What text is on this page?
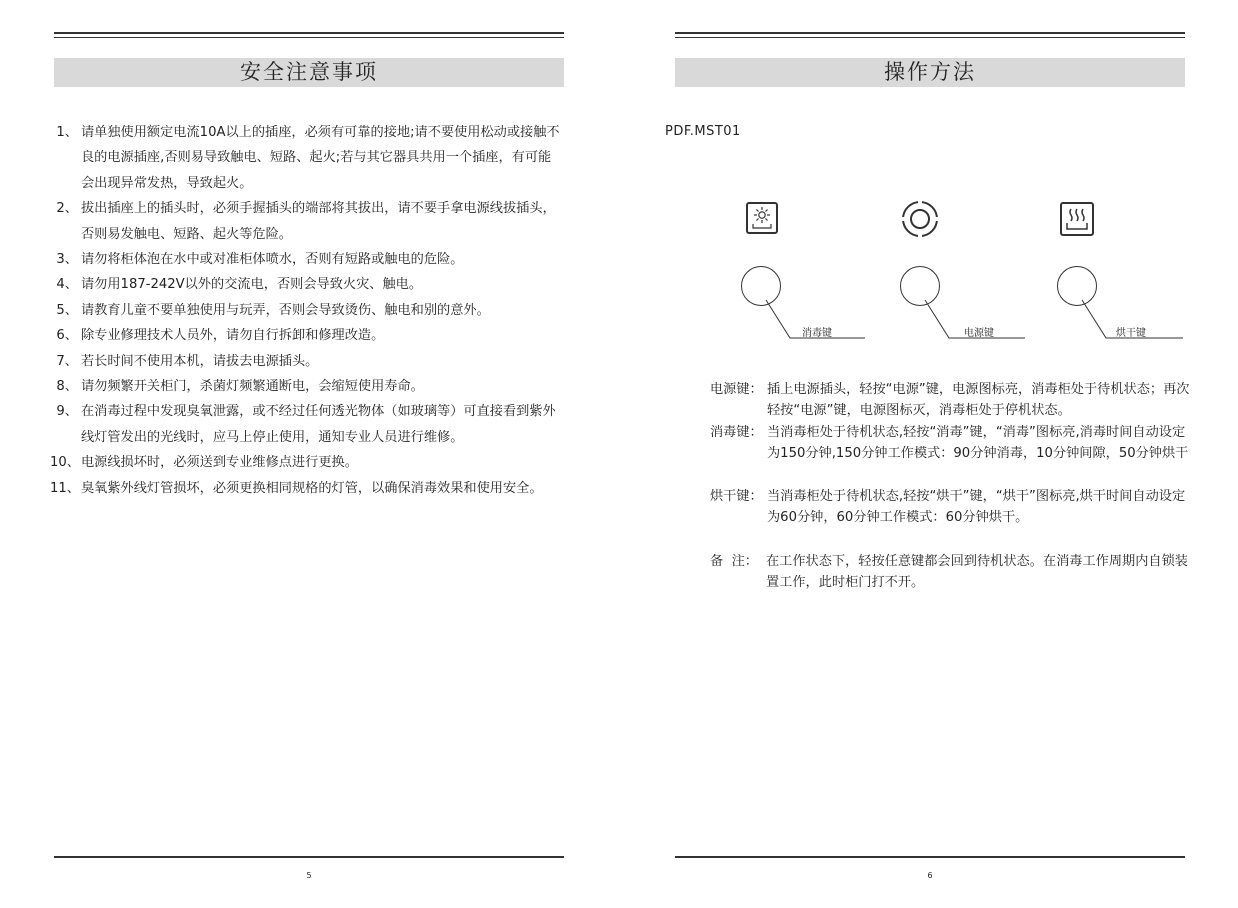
安全注意事项
1、 请单独使用额定电流10A以上的插座，必须有可靠的接地;请不要使用松动或接触不良的电源插座,否则易导致触电、短路、起火;若与其它器具共用一个插座，有可能会出现异常发热，导致起火。
2、 拔出插座上的插头时，必须手握插头的端部将其拔出，请不要手拿电源线拔插头，否则易发触电、短路、起火等危险。
3、 请勿将柜体泡在水中或对准柜体喷水，否则有短路或触电的危险。
4、 请勿用187-242V以外的交流电，否则会导致火灾、触电。
5、 请教育儿童不要单独使用与玩弄，否则会导致烫伤、触电和别的意外。
6、 除专业修理技术人员外，请勿自行拆卸和修理改造。
7、 若长时间不使用本机，请拔去电源插头。
8、 请勿频繁开关柜门，杀菌灯频繁通断电，会缩短使用寿命。
9、 在消毒过程中发现臭氧泄露，或不经过任何透光物体（如玻璃等）可直接看到紫外线灯管发出的光线时，应马上停止使用，通知专业人员进行维修。
10、 电源线损坏时，必须送到专业维修点进行更换。
11、 臭氧紫外线灯管损坏，必须更换相同规格的灯管，以确保消毒效果和使用安全。
5
操作方法
PDF.MST01
消毒键	电源键	烘干键
电源键： 插上电源插头，轻按“电源”键，电源图标亮，消毒柜处于待机状态；再次轻按“电源”键，电源图标灭，消毒柜处于停机状态。
消毒键： 当消毒柜处于待机状态,轻按“消毒”键，“消毒”图标亮,消毒时间自动设定为150分钟,150分钟工作模式：90分钟消毒，10分钟间隙，50分钟烘干
烘干键： 当消毒柜处于待机状态,轻按“烘干”键，“烘干”图标亮,烘干时间自动设定为60分钟，60分钟工作模式：60分钟烘干。
备  注： 在工作状态下，轻按任意键都会回到待机状态。在消毒工作周期内自锁装置工作，此时柜门打不开。
6
